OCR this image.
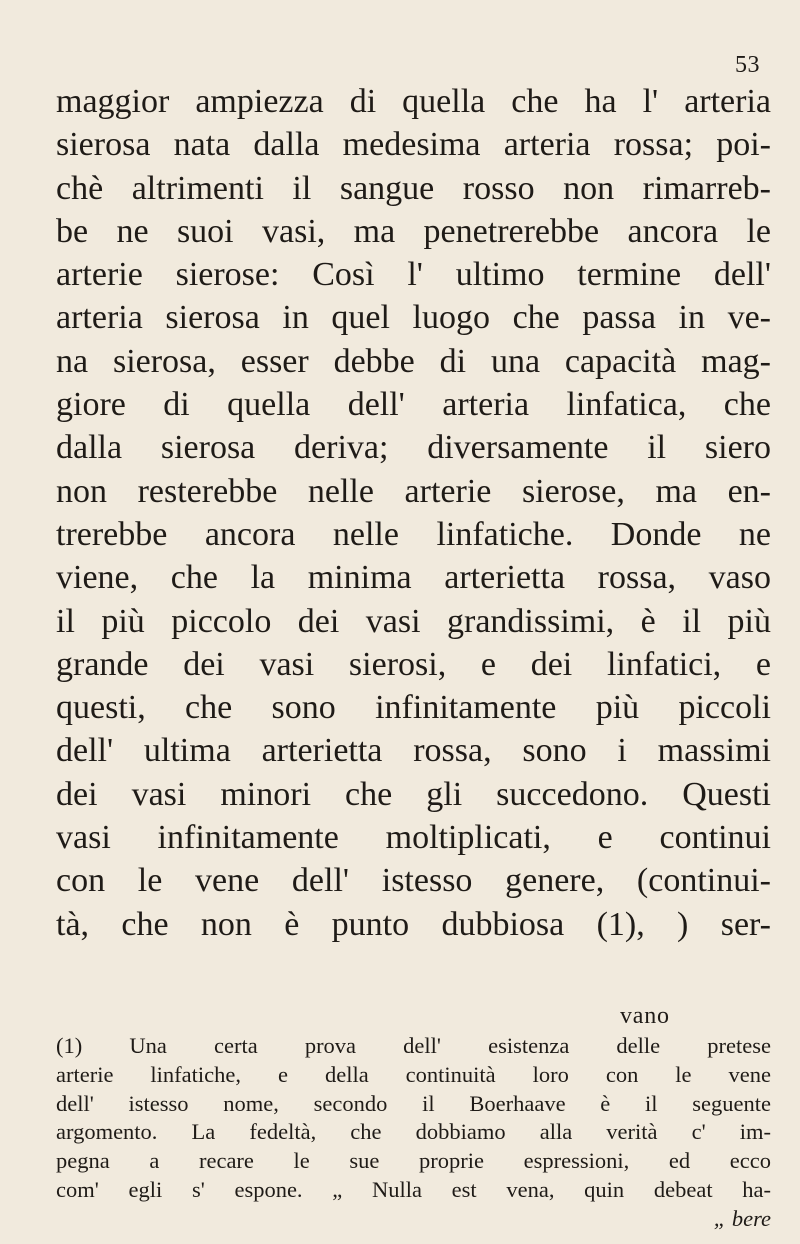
53
maggior ampiezza di quella che ha l' arteria
sierosa nata dalla medesima arteria rossa; poi-
chè altrimenti il sangue rosso non rimarreb-
be ne suoi vasi, ma penetrerebbe ancora le
arterie sierose: Così l' ultimo termine dell'
arteria sierosa in quel luogo che passa in ve-
na sierosa, esser debbe di una capacità mag-
giore di quella dell' arteria linfatica, che
dalla sierosa deriva; diversamente il siero
non resterebbe nelle arterie sierose, ma en-
trerebbe ancora nelle linfatiche. Donde ne
viene, che la minima arterietta rossa, vaso
il più piccolo dei vasi grandissimi, è il più
grande dei vasi sierosi, e dei linfatici, e
questi, che sono infinitamente più piccoli
dell' ultima arterietta rossa, sono i massimi
dei vasi minori che gli succedono. Questi
vasi infinitamente moltiplicati, e continui
con le vene dell' istesso genere, (continui-
tà, che non è punto dubbiosa (1), ) ser-
vano
(1) Una certa prova dell' esistenza delle pretese
arterie linfatiche, e della continuità loro con le vene
dell' istesso nome, secondo il Boerhaave è il seguente
argomento. La fedeltà, che dobbiamo alla verità c' im-
pegna a recare le sue proprie espressioni, ed ecco
com' egli s' espone. „ Nulla est vena, quin debeat ha-
„ bere
